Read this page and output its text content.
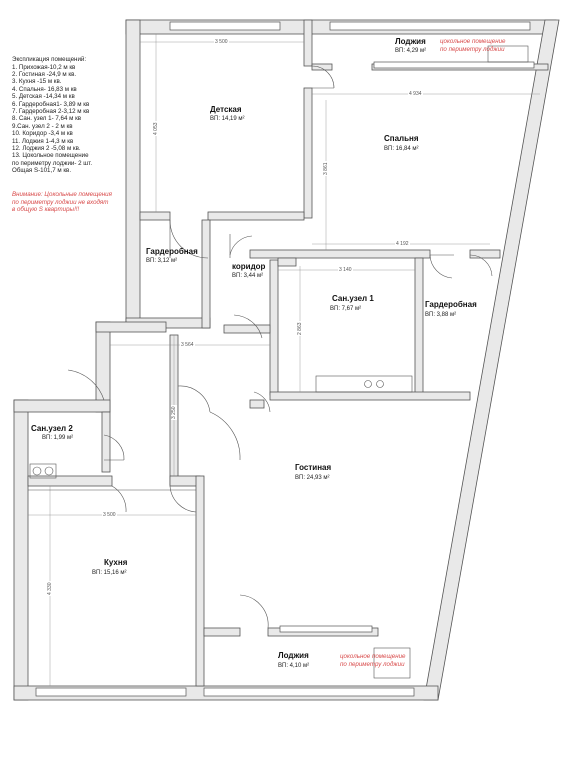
Экспликация помещений:
1. Прихожая-10,2 м кв
2. Гостиная -24,9 м кв.
3. Кухня -15 м кв.
4. Спальня- 16,83 м кв
5. Детская -14,34 м кв
6. Гардеробная1- 3,89 м кв
7. Гардеробная 2-3,12 м кв
8. Сан. узел 1- 7,64 м кв
9.Сан. узел 2 - 2 м кв
10. Коридор -3,4 м кв
11. Лоджия 1-4,3 м кв
12. Лоджия 2 -5,08 м кв.
13. Цокольное помещение
по периметру лоджии- 2 шт.
Общая S-101,7 м кв.
Внимание: Цокольные помещения
по периметру лоджии не входят
в общую S квартиры!!!
Лоджия
ВП: 4,29 м²
Детская
ВП: 14,19 м²
Спальня
ВП: 16,84 м²
Гардеробная
ВП: 3,12 м²
коридор
ВП: 3,44 м²
Сан.узел 1
ВП: 7,67 м²	Гардеробная
ВП: 3,88 м²
Сан.узел 2
ВП: 1,99 м²
Гостиная
ВП: 24,93 м²
Кухня
ВП: 15,16 м²
Лоджия
ВП: 4,10 м²
цокольное помещение
по периметру лоджии
цокольное помещение
по периметру лоджии
3 500
4 934
4 053
3 861
4 192
3 140
2 863
3 564
3 250
3 500
4 330
